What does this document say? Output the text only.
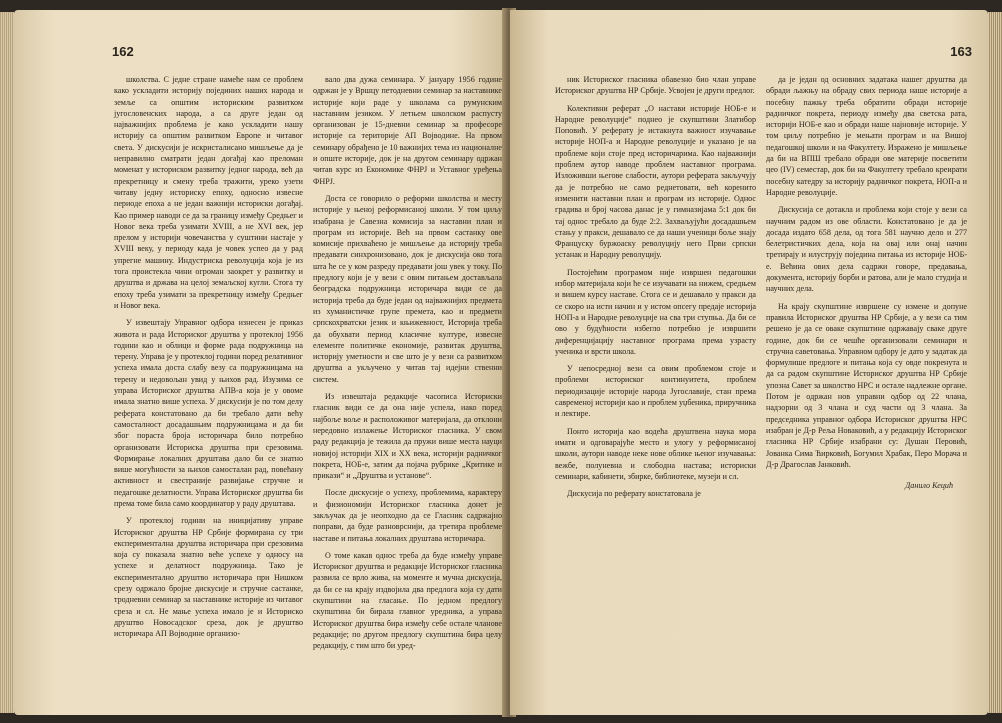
162

школства. С једне стране намеће нам се проблем како ускладити историју појединих наших народа и земље са општим историским развитком југословенских народа, а са друге један од најважнијих проблема је како ускладити нашу историју са општим развитком Европе и читавог света. У дискусији је искристалисано мишљење да је неправилно сматрати један догађај као преломан моменат у историском развитку једног народа, већ да прекретницу и смену треба тражити, уреко узети читаву једну историску епоху, односно извесне периоде епоха а не један важнији историски догађај. Као пример наводи се да за границу између Средњег и Новог века треба узимати XVIII, а не XVI век, јер прелом у историји човечанства у суштини настаје у XVIII веку, у периоду када је човек успео да у рад упрегне машину. Индустриска револуција која је из тога проистекла чини огроман заокрет у развитку и друштва и држава на целој земаљској кугли. Стога ту епоху треба узимати за прекретницу између Средњег и Новог века.

У извештају Управног одбора изнесен је приказ живота и рада Историског друштва у протеклој 1956 години као и облици и форме рада подружница на терену. Управа је у протеклој години поред релативног успеха имала доста слабу везу са подружницама на терену и недовољан увид у њихов рад. Изузима се управа Историског друштва АПВ-а која је у овоме имала знатно више успеха. У дискусији је по том делу реферата констатовано да би требало дати већу самосталност досадашњим подружницама и да би због пораста броја историчара било потребно организовати Историска друштва при срезовима. Формирање локалних друштава дало би се знатно више могућности за њихов самосталан рад, повећану активност и свестраније развијање стручне и педагошке делатности. Управа Историског друштва би према томе била само координатор у раду друштава.

У протеклој години на иницијативу управе Историског друштва НР Србије формирана су три експериментална друштва историчара при срезовима која су показала знатно веће успехе у односу на успехе и делатност подружница. Тако је експериментално друштво историчара при Нишком срезу одржало бројне дискусије и стручне састанке, тродневни семинар за наставнике историје из читавог среза и сл. Не мање успеха имало је и Историско друштво Новосадског среза, док је друштво историчара АП Војводине организо-

вало два дужа семинара. У јануару 1956 године одржан је у Вршцу петодневни семинар за наставнике историје који раде у школама са румунским наставним језиком. У летњем школском распусту организован је 15-дневни семинар за професоре историје са територије АП Војводине. На првом семинару обрађено је 10 важнијих тема из националне и опште историје, док је на другом семинару одржан читав курс из Економике ФНРЈ и Уставног уређења ФНРЈ.

Доста се говорило о реформи школства и месту историје у њеној реформисаној школи. У том циљу изабрана је Савезна комисија за наставни план и програм из историје. Већ на првом састанку ове комисије прихваћено је мишљење да историју треба предавати синхронизовано, док је дискусија око тога шта ће се у ком разреду предавати још увек у току. По предлогу који је у вези с овим питањем достављала београдска подружница историчара види се да историја треба да буде један од најважнијих предмета из хуманистичке групе премета, као и предмети српскохрватски језик и књижевност, Историја треба да обухвати период класичне културе, извесне елементе политичке економије, развитак друштва, историју уметности и све што је у вези са развитком друштва а укључено у читав тај идејни ственни систем.

Из извештаја редакције часописа Историски гласник види се да она није успела, иако поред најбоље воље и расположивог материјала, да отклони нередовно излажење Историског гласника. У свом раду редакција је тежила да пружи више места науци новијој историји XIX и XX века, историји радничког покрета, НОБ-е, затим да појача рубрике „Критике и прикази“ и „Друштва и установе“.

После дискусије о успеху, проблемима, карактеру и физиономији Историског гласника донет је закључак да је неопходно да се Гласник садржајно поправи, да буде разноврснији, да третира проблеме наставе и питања локалних друштава историчара.

О томе какав однос треба да буде између управе Историског друштва и редакције Историског гласника развила се врло жива, на моменте и мучна дискусија, да би се на крају издвојила два предлога која су дати скупштини на гласање. По једном предлогу скупштина би бирала главног уредника, а управа Историског друштва бира између себе остале чланове редакције; по другом предлогу скупштина бира целу редакцију, с тим што би уред-

163

ник Историског гласника обавезно био члан управе Историског друштва НР Србије. Усвојен је други предлог.

Колективни реферат „О настави историје НОБ-е и Народне револуције“ поднео је скупштини Златибор Поповић. У реферату је истакнута важност изучавање историје НОП-а и Народне револуције и указано је на проблеме који стоје пред историчарима. Као најважнији проблем аутор наводе проблем наставног програма. Изложивши његове слабости, аутори реферата закључују да је потребно не само реднетовати, већ коренито изменити наставни план и програм из историје. Однос градива и број часова данас је у гимназијама 5:1 док би тај однос требало да буде 2:2. Захваљујући досадашњем стању у пракси, дешавало се да наши ученици боље знају Француску буржоаску револуцију него Први српски устанак и Народну револуцију.

Постојећим програмом није извршен педагошки избор материјала који ће се изучавати на нижем, средњем и вишем курсу наставе. Стога се и дешавало у пракси да се скоро на исти начин и у истом опсегу предаје историја НОП-а и Народне револуције на сва три ступња. Да би се ово у будућности избегло потребно је извршити диференцијацију наставног програма према узрасту ученика и врсти школа.

У непосредној вези са овим проблемом стоје и проблеми историског континуитета, проблем периодизације историје народа Југославије, стан према савременој историји као и проблем уџбеника, приручника и лектире.

Понто историја као водећа друштвена наука мора имати и одговарајуће место и улогу у реформисаној школи, аутори наводе неке нове облике њеног изучавања: вежбе, полуневна и слободна настава; историски семинари, кабинети, збирке, библиотеке, музеји и сл.

Дискусија по реферату констатовала је

да је један од основних задатака нашег друштва да обради љажњу на обраду свих периода наше историје а посебну пажњу треба обратити обради историје радничког покрета, периоду између два светска рата, историји НОБ-е као и обради наше најновије историје. У том циљу потребно је мењати програм и на Вишој педагошкој школи и на Факултету. Изражено је мишљење да би на ВПШ требало обради ове материје посветити цео (IV) семестар, док би на Факултету требало креирати посебну катедру за историју радничког покрета, НОП-а и Народне револуције.

Дискусија се дотакла и проблема који стоје у вези са научним радом из ове области. Констатовано је да је досада издато 658 дела, од тога 581 научно дело и 277 белетристичких дела, која на овај или онај начин третирају и илуструју поједина питања из историје НОБ-е. Већина ових дела садржи говоре, предавања, документа, историју борби и ратова, али је мало студија и научних дела.

На крају скупштине извршене су измене и допуне правила Историског друштва НР Србије, а у вези са тим решено је да се оваке скупштине одржавају сваке друге године, док би се чешће организовали семинари и стручна саветовања. Управном одбору је дато у задатак да формулише предлоге и питања која су овде покренута и да са радом скупштине Историског друштва НР Србије упозна Савет за школство НРС и остале надлежне органе. Потом је одржан нов управни одбор од 22 члана, надзорни од 3 члана и суд части од 3 члана. За председника управног одбора Историског друштва НРС изабран је Д-р Реља Новаковић, а у редакцију Историског гласника НР Србије изабрани су: Душан Перовић, Јованка Сима Ћирковић, Богумил Храбак, Перо Морача и Д-р Драгослав Јанковић.

Данило Кецић
